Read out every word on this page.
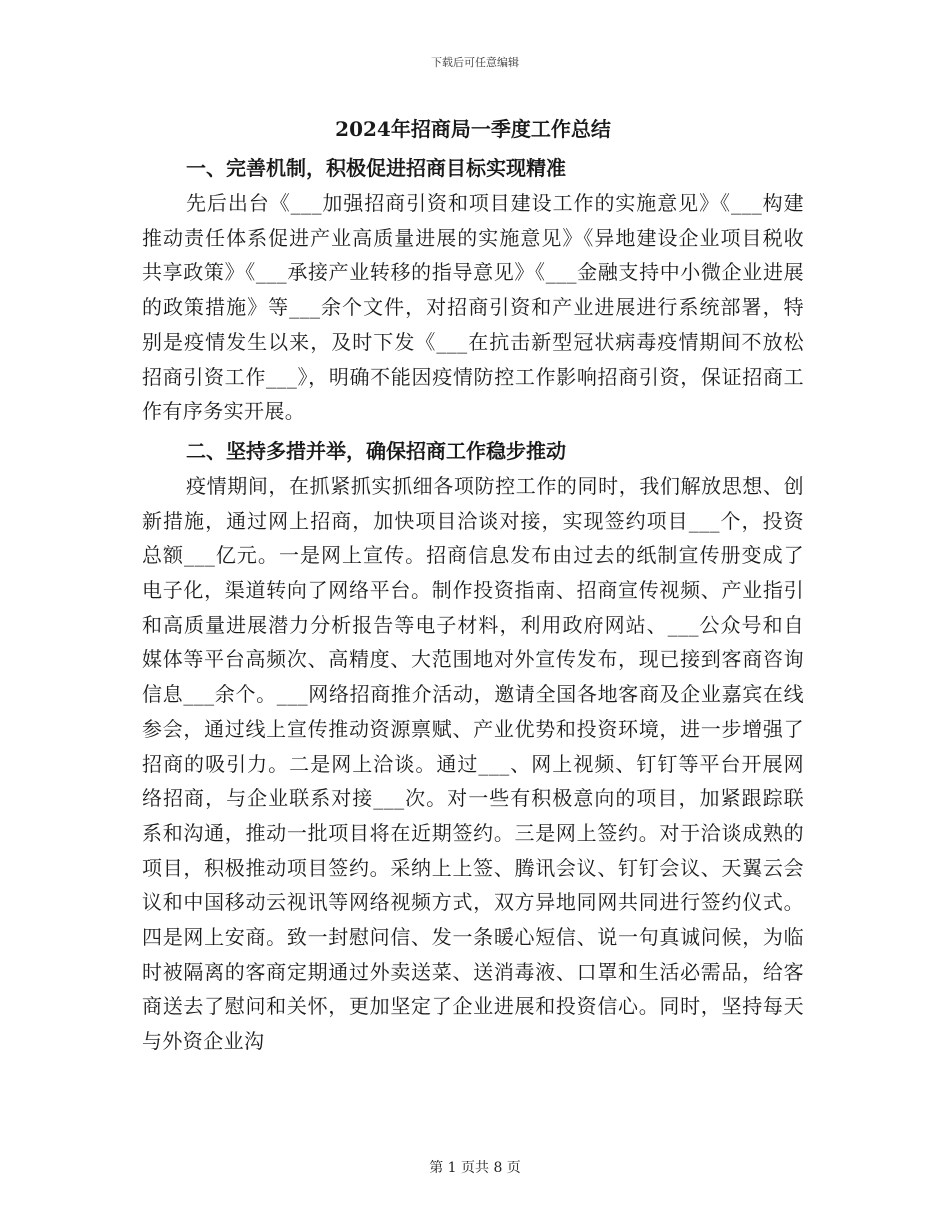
下载后可任意编辑
2024年招商局一季度工作总结
一、完善机制，积极促进招商目标实现精准

先后出台《___加强招商引资和项目建设工作的实施意见》《___构建推动责任体系促进产业高质量进展的实施意见》《异地建设企业项目税收共享政策》《___承接产业转移的指导意见》《___金融支持中小微企业进展的政策措施》等___余个文件，对招商引资和产业进展进行系统部署，特别是疫情发生以来，及时下发《___在抗击新型冠状病毒疫情期间不放松招商引资工作___》，明确不能因疫情防控工作影响招商引资，保证招商工作有序务实开展。

二、坚持多措并举，确保招商工作稳步推动

疫情期间，在抓紧抓实抓细各项防控工作的同时，我们解放思想、创新措施，通过网上招商，加快项目洽谈对接，实现签约项目___个，投资总额___亿元。一是网上宣传。招商信息发布由过去的纸制宣传册变成了电子化，渠道转向了网络平台。制作投资指南、招商宣传视频、产业指引和高质量进展潜力分析报告等电子材料，利用政府网站、___公众号和自媒体等平台高频次、高精度、大范围地对外宣传发布，现已接到客商咨询信息___余个。___网络招商推介活动，邀请全国各地客商及企业嘉宾在线参会，通过线上宣传推动资源禀赋、产业优势和投资环境，进一步增强了招商的吸引力。二是网上洽谈。通过___、网上视频、钉钉等平台开展网络招商，与企业联系对接___次。对一些有积极意向的项目，加紧跟踪联系和沟通，推动一批项目将在近期签约。三是网上签约。对于洽谈成熟的项目，积极推动项目签约。采纳上上签、腾讯会议、钉钉会议、天翼云会议和中国移动云视讯等网络视频方式，双方异地同网共同进行签约仪式。四是网上安商。致一封慰问信、发一条暖心短信、说一句真诚问候，为临时被隔离的客商定期通过外卖送菜、送消毒液、口罩和生活必需品，给客商送去了慰问和关怀，更加坚定了企业进展和投资信心。同时，坚持每天与外资企业沟

第 1 页共 8 页
